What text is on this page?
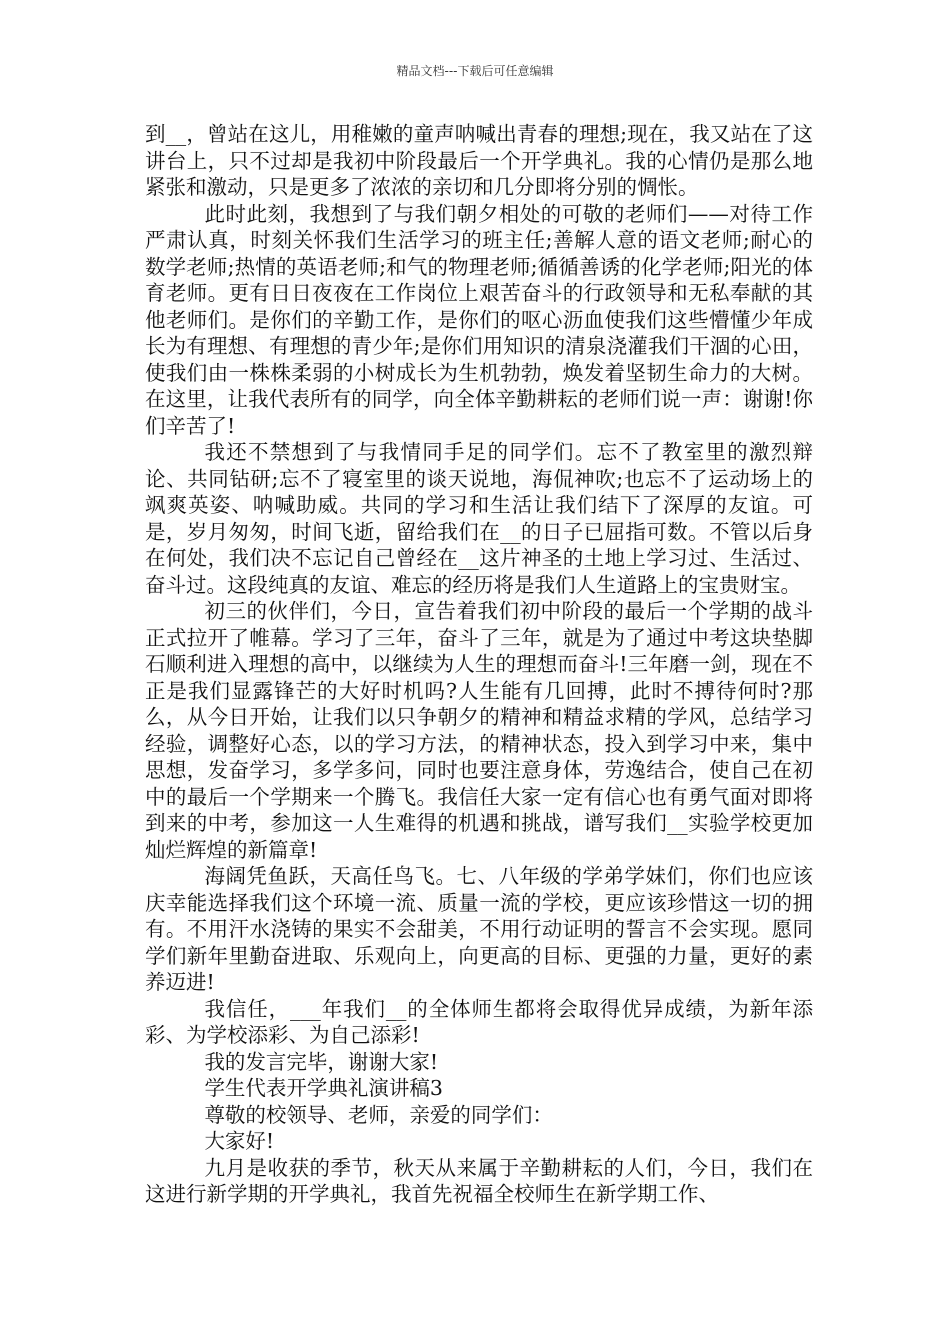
精品文档---下载后可任意编辑

到__，曾站在这儿，用稚嫩的童声呐喊出青春的理想;现在，我又站在了这讲台上，只不过却是我初中阶段最后一个开学典礼。我的心情仍是那么地紧张和激动，只是更多了浓浓的亲切和几分即将分别的惆怅。

此时此刻，我想到了与我们朝夕相处的可敬的老师们——对待工作严肃认真，时刻关怀我们生活学习的班主任;善解人意的语文老师;耐心的数学老师;热情的英语老师;和气的物理老师;循循善诱的化学老师;阳光的体育老师。更有日日夜夜在工作岗位上艰苦奋斗的行政领导和无私奉献的其他老师们。是你们的辛勤工作，是你们的呕心沥血使我们这些懵懂少年成长为有理想、有理想的青少年;是你们用知识的清泉浇灌我们干涸的心田，使我们由一株株柔弱的小树成长为生机勃勃，焕发着坚韧生命力的大树。在这里，让我代表所有的同学，向全体辛勤耕耘的老师们说一声：谢谢!你们辛苦了!

我还不禁想到了与我情同手足的同学们。忘不了教室里的激烈辩论、共同钻研;忘不了寝室里的谈天说地，海侃神吹;也忘不了运动场上的飒爽英姿、呐喊助威。共同的学习和生活让我们结下了深厚的友谊。可是，岁月匆匆，时间飞逝，留给我们在__的日子已屈指可数。不管以后身在何处，我们决不忘记自己曾经在__这片神圣的土地上学习过、生活过、奋斗过。这段纯真的友谊、难忘的经历将是我们人生道路上的宝贵财宝。

初三的伙伴们，今日，宣告着我们初中阶段的最后一个学期的战斗正式拉开了帷幕。学习了三年，奋斗了三年，就是为了通过中考这块垫脚石顺利进入理想的高中，以继续为人生的理想而奋斗!三年磨一剑，现在不正是我们显露锋芒的大好时机吗?人生能有几回搏，此时不搏待何时?那么，从今日开始，让我们以只争朝夕的精神和精益求精的学风，总结学习经验，调整好心态，以的学习方法，的精神状态，投入到学习中来，集中思想，发奋学习，多学多问，同时也要注意身体，劳逸结合，使自己在初中的最后一个学期来一个腾飞。我信任大家一定有信心也有勇气面对即将到来的中考，参加这一人生难得的机遇和挑战，谱写我们__实验学校更加灿烂辉煌的新篇章!

海阔凭鱼跃，天高任鸟飞。七、八年级的学弟学妹们，你们也应该庆幸能选择我们这个环境一流、质量一流的学校，更应该珍惜这一切的拥有。不用汗水浇铸的果实不会甜美，不用行动证明的誓言不会实现。愿同学们新年里勤奋进取、乐观向上，向更高的目标、更强的力量，更好的素养迈进!

我信任，___年我们__的全体师生都将会取得优异成绩，为新年添彩、为学校添彩、为自己添彩!

我的发言完毕，谢谢大家!

学生代表开学典礼演讲稿3

尊敬的校领导、老师，亲爱的同学们：

大家好!

九月是收获的季节，秋天从来属于辛勤耕耘的人们，今日，我们在这进行新学期的开学典礼，我首先祝福全校师生在新学期工作、
